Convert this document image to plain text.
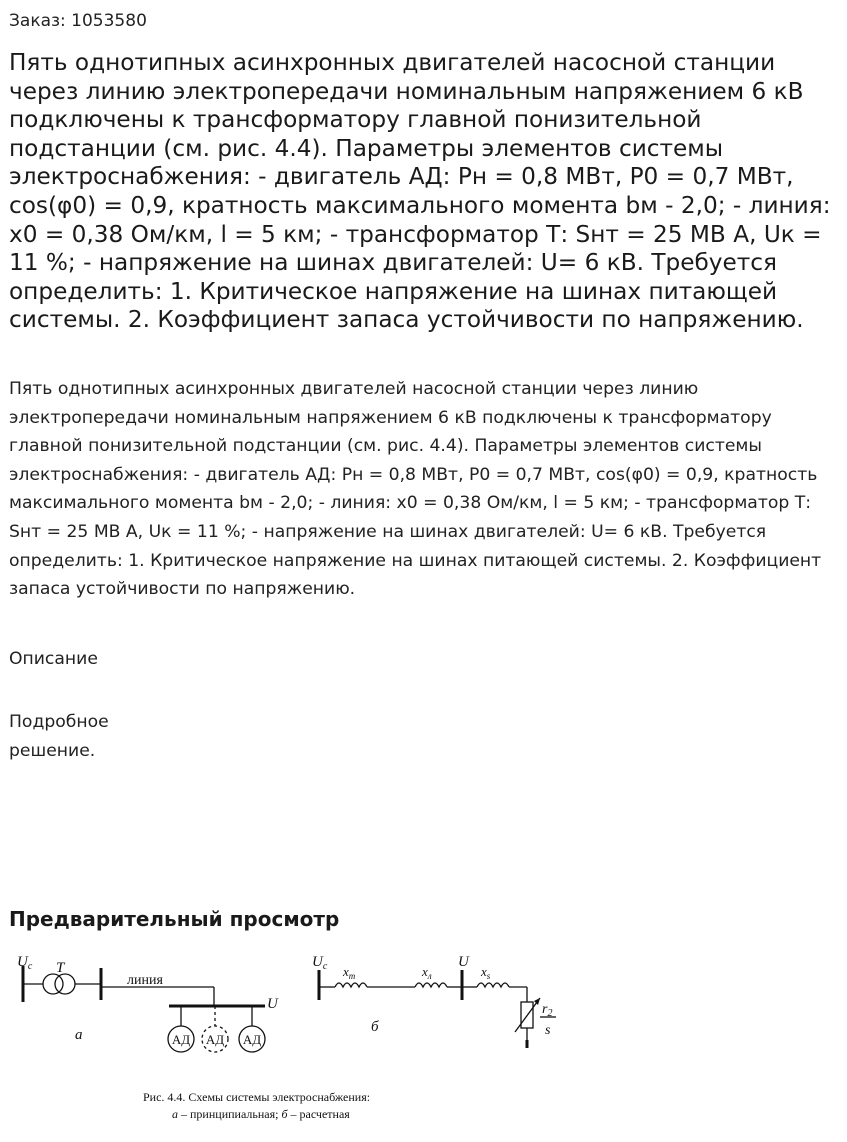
Заказ: 1053580
Пять однотипных асинхронных двигателей насосной станции через линию электропередачи номинальным напряжением 6 кВ подключены к трансформатору главной понизительной подстанции (см. рис. 4.4). Параметры элементов системы электроснабжения: - двигатель АД: Pн = 0,8 МВт, P0 = 0,7 МВт, cos(φ0) = 0,9, кратность максимального момента bм - 2,0; - линия: x0 = 0,38 Ом/км, l = 5 км; - трансформатор Т: Sнт = 25 МВ А, Uк = 11 %; - напряжение на шинах двигателей: U= 6 кВ. Требуется определить: 1. Критическое напряжение на шинах питающей системы. 2. Коэффициент запаса устойчивости по напряжению.

Пять однотипных асинхронных двигателей насосной станции через линию электропередачи номинальным напряжением 6 кВ подключены к трансформатору главной понизительной подстанции (см. рис. 4.4). Параметры элементов системы электроснабжения: - двигатель АД: Pн = 0,8 МВт, P0 = 0,7 МВт, cos(φ0) = 0,9, кратность максимального момента bм - 2,0; - линия: x0 = 0,38 Ом/км, l = 5 км; - трансформатор Т: Sнт = 25 МВ А, Uк = 11 %; - напряжение на шинах двигателей: U= 6 кВ. Требуется определить: 1. Критическое напряжение на шинах питающей системы. 2. Коэффициент запаса устойчивости по напряжению.

Описание
Подробное
решение.
Предварительный просмотр
$U_c$ T
линия
U
АД АД АД
а
$U_c$ $x_т$	$x_л$
U
$x_s$
$r_2$
s
б
Рис. 4.4. Схемы системы электроснабжения:
а – принципиальная; б – расчетная
